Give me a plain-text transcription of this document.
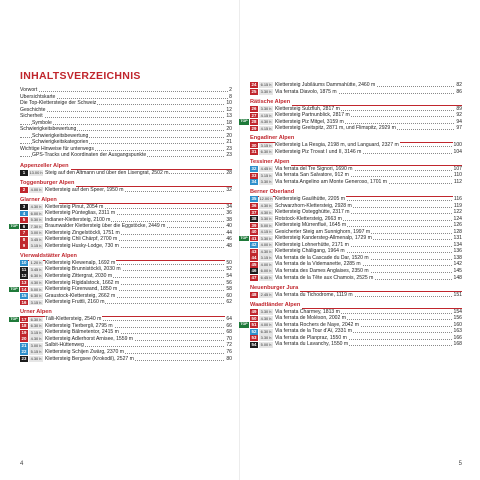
INHALTSVERZEICHNIS
Vorwort	2
Übersichtskarte	8
Die Top-Klettersteige der Schweiz	10
Geschichte	12
Sicherheit	13
Symbole	18
Schwierigkeitsbewertung	20
Schwierigkeitsbewertung	20
Schwierigkeitskategorien	21
Wichtige Hinweise für unterwegs	23
GPS-Tracks und Koordinaten der Ausgangspunkte	23
Appenzeller Alpen
1	13.00 h Steig auf den Altmann und über den Lisengrat, 2502 m	28
Toggenburger Alpen
2	4.00 h Klettersteig auf den Speer, 1950 m	32
Glarner Alpen
3	4.30 h Klettersteig Pinut, 2054 m	34
4	6.00 h Klettersteig Pùnteglias, 2311 m	36
5	5.30 h Indianer-Klettersteig, 2100 m	38
TOP	6	7.30 h Braunwalder Klettersteig über die Eggstöcke, 2449 m	40
7	3.00 h Klettersteig Zingelstöckli, 1751 m	44
8	3.45 h Klettersteig Chli Chärpf, 2700 m	46
9	3.15 h Klettersteig Husky-Lodge, 730 m	48
Vierwaldstätter Alpen
10	1.20 h Klettersteig Klewenalp, 1692 m	50
11	3.45 h Klettersteig Brunnistöckli, 2030 m	52
12	6.30 h Klettersteig Zittergrat, 2030 m	54
13	4.30 h Klettersteig Rigidalstock, 1662 m	56
TOP 14	5.00 h Klettersteig Fürenwand, 1850 m	58
15	6.30 h Graustock-Klettersteig, 2662 m	60
16	3.15 h Klettersteig Fruttli, 2160 m	62
Urner Alpen
TOP 17	6.30 h Tälli-Klettersteig, 2540 m	64
18	6.30 h Klettersteig Tierbergli, 2795 m	66
19	3.15 h Klettersteig Bälmetentor, 2415 m	68
20	4.30 h Klettersteig Adlerhorst Arnisee, 1559 m	70
21	3.00 h Salbit-Hüttenweg	72
22	5.15 h Klettersteig Schijen Zwärg, 2370 m	76
23	4.30 h Klettersteig Bergsee (Krokodil), 2527 m	80
4
24	6.15 h Klettersteig Jubiläums Dammahütte, 2460 m	82
25	3.30 h Via ferrata Diavolo, 1875 m	86
Rätische Alpen
26	3.30 h Klettersteig Sulzfluh, 2817 m	89
27	4.15 h Klettersteig Partnunblick, 2817 m	92
TOP 28	4.30 h Klettersteig Piz Mitgel, 3159 m	94
29	4.15 h Klettersteig Greitspitz, 2871 m, und Flimspitz, 2929 m	97
Engadiner Alpen
30	3.15 h Klettersteig La Resgia, 2198 m, und Languard, 2327 m	100
31	6.30 h Klettersteig Piz Trovat I und II, 3146 m	104
Tessiner Alpen
32	4.45 h Via ferrata del Tre Signori, 1690 m	107
33	3.15 h Via ferrata San Salvatore, 912 m	110
34	3.30 h Via ferrata Angelino am Monte Generoso, 1701 m	112
Berner Oberland
35 12.00 h Klettersteig Gaulihütte, 2205 m	116
36	4.30 h Schwarzhorn-Klettersteig, 2928 m	119
37	4.30 h Klettersteig Ostegghütte, 2317 m	122
38	3.30 h Rotstock-Klettersteig, 2663 m	124
39	5.00 h Klettersteig Mürrenfluë, 1645 m	126
40	4.15 h Gesicherter Steig am Sunnighorn, 1997 m	128
TOP 41	3.30 h Klettersteig Kandersteg-Allmenalp, 1729 m	131
42	4.00 h Klettersteig Lohnerhütte, 2171 m	134
43	4.30 h Klettersteig Chäligang, 1964 m	136
44	3.15 h Via ferrata de la Cascade du Dar, 1520 m	138
45	4.00 h Via ferrata de la Videmanette, 2285 m	142
46	6.00 h Via ferrata des Dames Anglaises, 2350 m	145
47	6.45 h Via ferrata de la Tête aux Chamois, 2525 m	148
Neuenburger Jura
48	2.45 h Via ferrata du Tichodrome, 1119 m	151
Waadtländer Alpen
49	3.30 h Via ferrata Charmey, 1813 m	154
50	4.30 h Via ferrata de Moléson, 2002 m	156
TOP 51	4.00 h Via ferrata Rochers de Naye, 2042 m	160
52	6.30 h Via ferrata de la Tour d'Aï, 2331 m	163
53	3.30 h Via ferrata de Planpraz, 1550 m	166
54	5.00 h Via ferrata du Lavanchy, 1550 m	168
5
